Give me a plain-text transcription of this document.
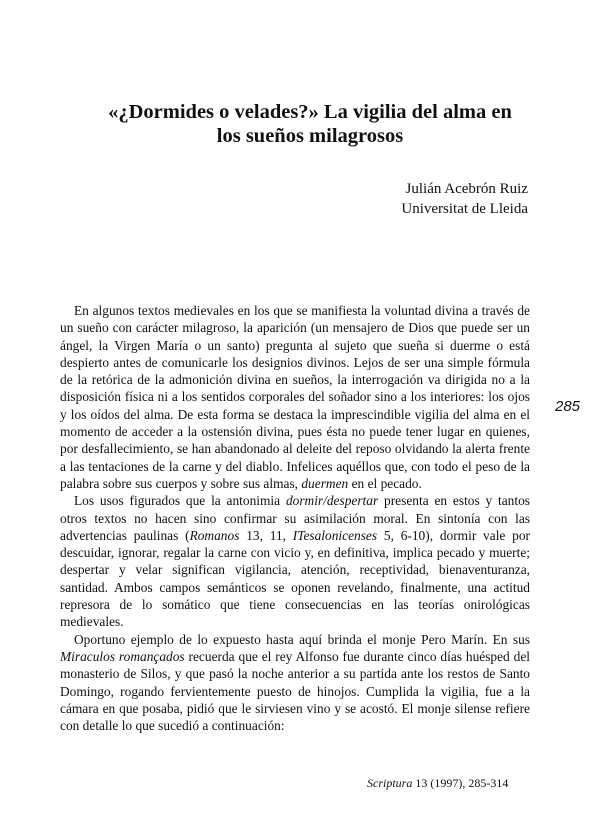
«¿Dormides o velades?» La vigilia del alma en
los sueños milagrosos
Julián Acebrón Ruiz
Universitat de Lleida
285

En algunos textos medievales en los que se manifiesta la voluntad divina a través de un sueño con carácter milagroso, la aparición (un mensajero de Dios que puede ser un ángel, la Virgen María o un santo) pregunta al sujeto que sueña si duerme o está despierto antes de comunicarle los designios divinos. Lejos de ser una simple fórmula de la retórica de la admonición divina en sueños, la interrogación va dirigida no a la disposición física ni a los sentidos corporales del soñador sino a los interiores: los ojos y los oídos del alma. De esta forma se destaca la imprescindible vigilia del alma en el momento de acceder a la ostensión divina, pues ésta no puede tener lugar en quienes, por desfallecimiento, se han abandonado al deleite del reposo olvidando la alerta frente a las tentaciones de la carne y del diablo. Infelices aquéllos que, con todo el peso de la palabra sobre sus cuerpos y sobre sus almas, duermen en el pecado.

Los usos figurados que la antonimia dormir/despertar presenta en estos y tantos otros textos no hacen sino confirmar su asimilación moral. En sintonía con las advertencias paulinas (Romanos 13, 11, ITesalonicenses 5, 6-10), dormir vale por descuidar, ignorar, regalar la carne con vicio y, en definitiva, implica pecado y muerte; despertar y velar significan vigilancia, atención, receptividad, bienaventuranza, santidad. Ambos campos semánticos se oponen revelando, finalmente, una actitud represora de lo somático que tiene consecuencias en las teorías onirológicas medievales.

Oportuno ejemplo de lo expuesto hasta aquí brinda el monje Pero Marín. En sus Miraculos romançados recuerda que el rey Alfonso fue durante cinco días huésped del monasterio de Silos, y que pasó la noche anterior a su partida ante los restos de Santo Domingo, rogando fervientemente puesto de hinojos. Cumplida la vigilia, fue a la cámara en que posaba, pidió que le sirviesen vino y se acostó. El monje silense refiere con detalle lo que sucedió a continuación:

Scriptura 13 (1997), 285-314
